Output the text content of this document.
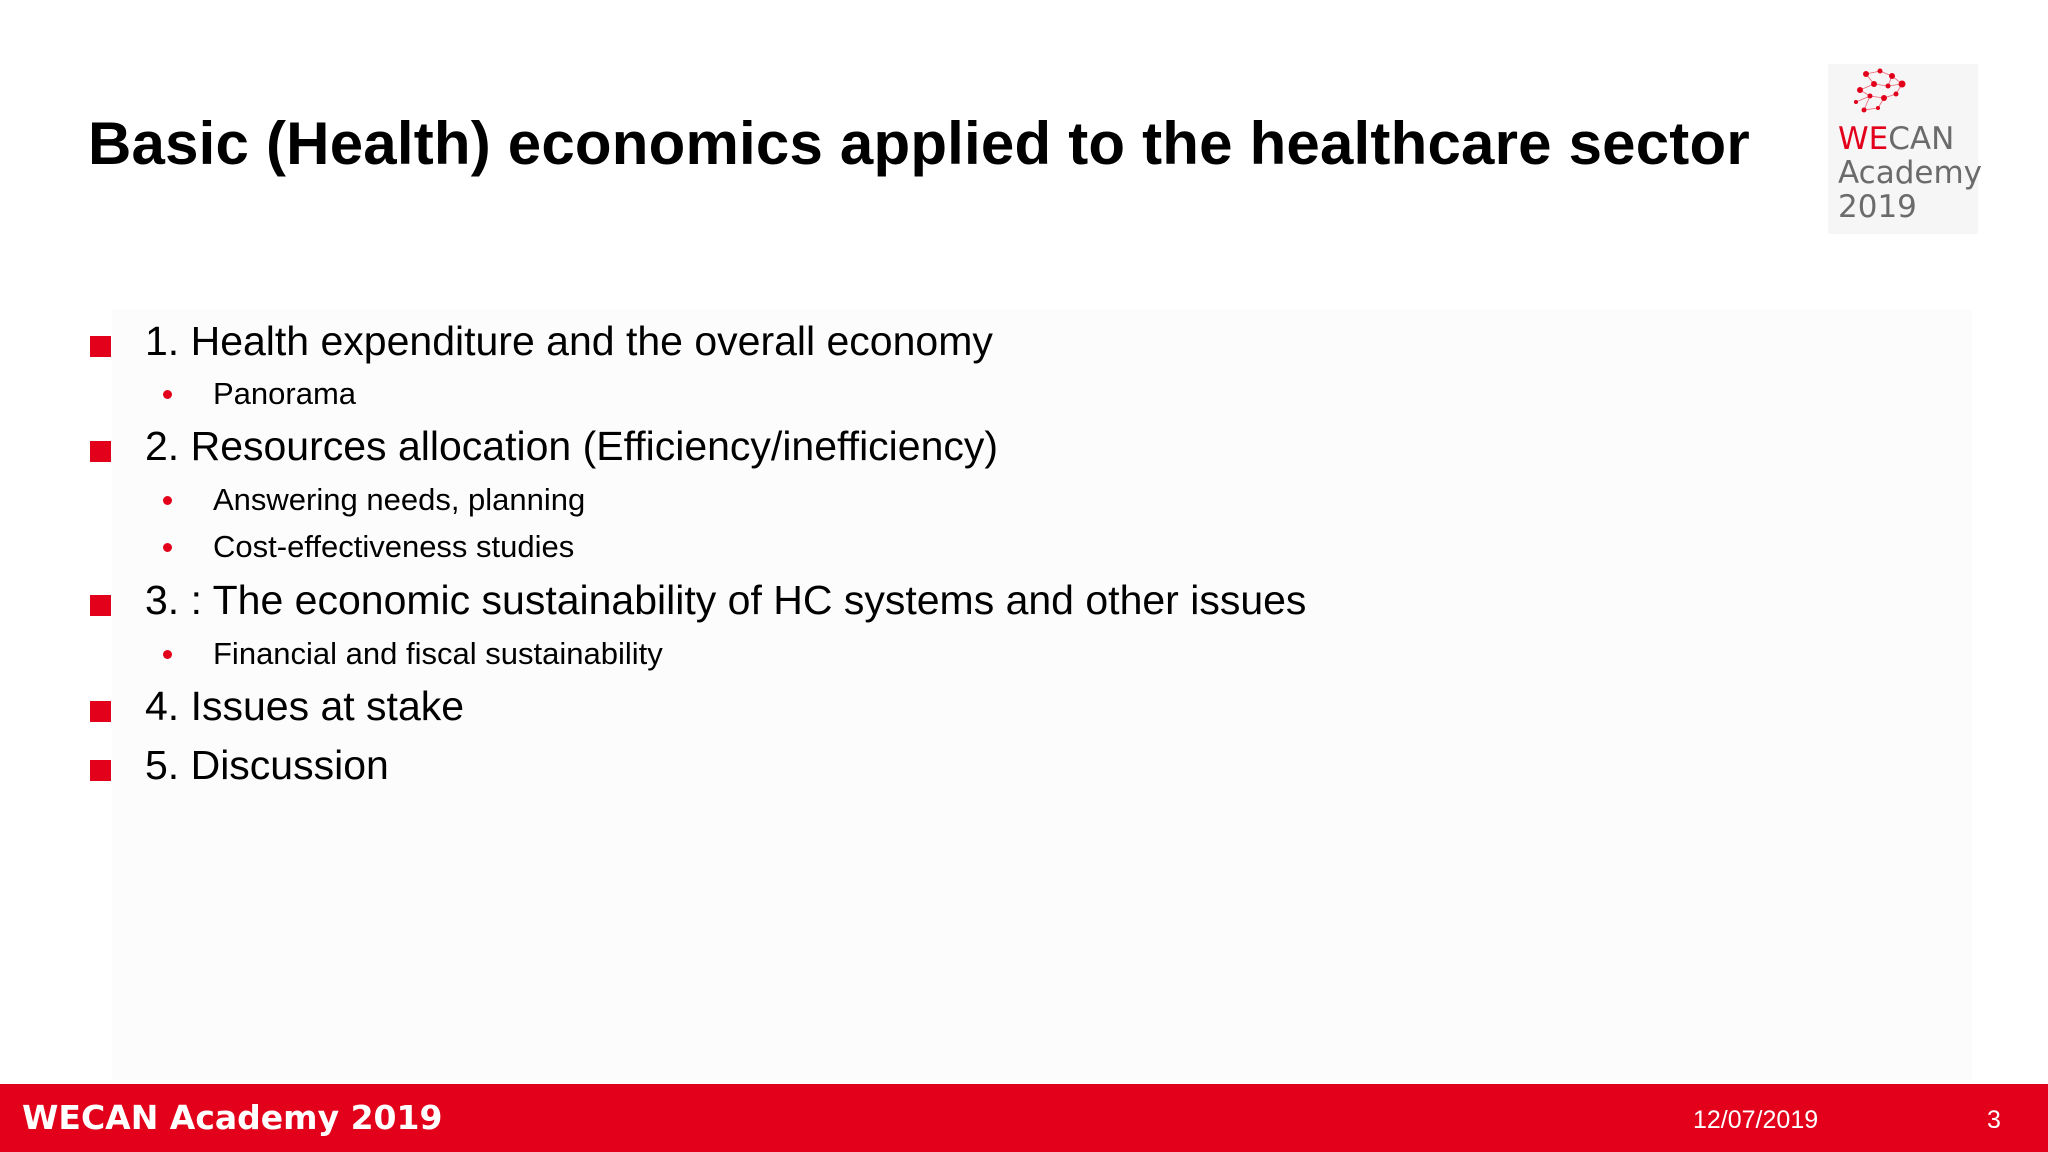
Basic (Health) economics applied to the healthcare sector	WECAN
Academy
2019
1. Health expenditure and the overall economy
Panorama
2. Resources allocation (Efficiency/inefficiency)
Answering needs, planning
Cost-effectiveness studies
3. : The economic sustainability of HC systems and other issues
Financial and fiscal sustainability
4. Issues at stake
5. Discussion
WECAN Academy 2019	12/07/2019	3
